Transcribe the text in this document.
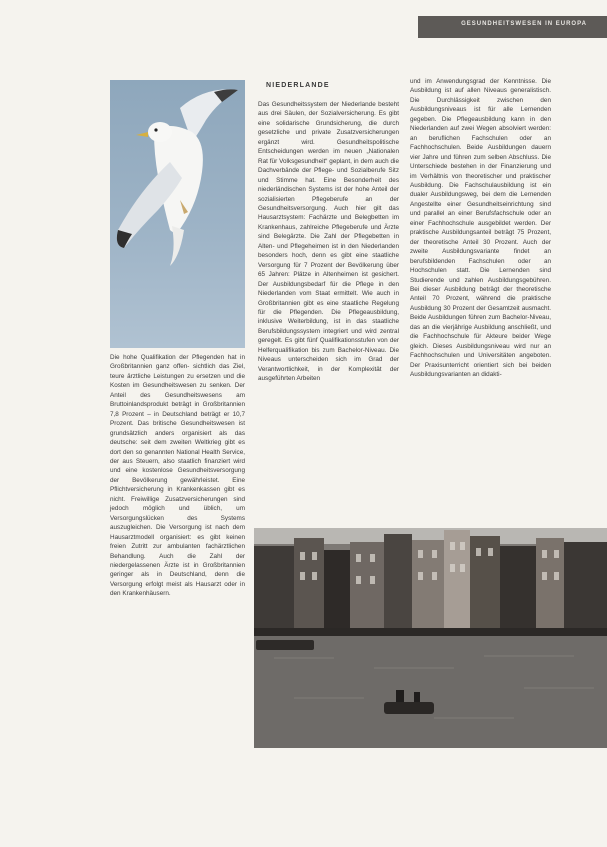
GESUNDHEITSWESEN IN EUROPA
NIEDERLANDE

Die hohe Qualifikation der Pflegenden hat in Großbritannien ganz offen- sichtlich das Ziel, teure ärztliche Leistungen zu ersetzen und die Kosten im Gesundheitswesen zu senken. Der Anteil des Gesundheitswesens am Bruttoinlandsprodukt beträgt in Großbritannien 7,8 Prozent – in Deutschland beträgt er 10,7 Prozent. Das britische Gesundheitswesen ist grundsätzlich anders organisiert als das deutsche: seit dem zweiten Weltkrieg gibt es dort den so genannten National Health Service, der aus Steuern, also staatlich finanziert wird und eine kostenlose Gesundheitsversorgung der Bevölkerung gewährleistet. Eine Pflichtversicherung in Krankenkassen gibt es nicht. Freiwillige Zusatzversicherungen sind jedoch möglich und üblich, um Versorgungslücken des Systems auszugleichen. Die Versorgung ist nach dem Hausarztmodell organisiert: es gibt keinen freien Zutritt zur ambulanten fachärztlichen Behandlung. Auch die Zahl der niedergelassenen Ärzte ist in Großbritannien geringer als in Deutschland, denn die Versorgung erfolgt meist als Hausarzt oder in den Krankenhäusern.

Das Gesundheitssystem der Niederlande besteht aus drei Säulen, der Sozialversicherung. Es gibt eine solidarische Grundsicherung, die durch gesetzliche und private Zusatzversicherungen ergänzt wird. Gesundheitspolitische Entscheidungen werden im neuen „Nationalen Rat für Volksgesundheit“ geplant, in dem auch die Dachverbände der Pflege- und Sozialberufe Sitz und Stimme hat. Eine Besonderheit des niederländischen Systems ist der hohe Anteil der sozialisierten Pflegeberufe an der Gesundheitsversorgung. Auch hier gilt das Hausarztsystem: Fachärzte und Belegbetten im Krankenhaus, zahlreiche Pflegeberufe und Ärzte sind Belegärzte. Die Zahl der Pflegebetten in Alten- und Pflegeheimen ist in den Niederlanden besonders hoch, denn es gibt eine staatliche Versorgung für 7 Prozent der Bevölkerung über 65 Jahren: Plätze in Altenheimen ist gesichert. Der Ausbildungsbedarf für die Pflege in den Niederlanden vom Staat ermittelt. Wie auch in Großbritannien gibt es eine staatliche Regelung für die Pflegenden. Die Pflegeausbildung, inklusive Weiterbildung, ist in das staatliche Berufsbildungssystem integriert und wird zentral geregelt. Es gibt fünf Qualifikationsstufen von der Helferqualifikation bis zum Bachelor-Niveau. Die Niveaus unterscheiden sich im Grad der Verantwortlichkeit, in der Komplexität der ausgeführten Arbeiten

und im Anwendungsgrad der Kenntnisse. Die Ausbildung ist auf allen Niveaus generalistisch. Die Durchlässigkeit zwischen den Ausbildungsniveaus ist für alle Lernenden gegeben. Die Pflegeausbildung kann in den Niederlanden auf zwei Wegen absolviert werden: an beruflichen Fachschulen oder an Fachhochschulen. Beide Ausbildungen dauern vier Jahre und führen zum selben Abschluss. Die Unterschiede bestehen in der Finanzierung und im Verhältnis von theoretischer und praktischer Ausbildung. Die Fachschulausbildung ist ein dualer Ausbildungsweg, bei dem die Lernenden Angestellte einer Gesundheitseinrichtung sind und parallel an einer Berufsfachschule oder an einer Fachhochschule ausgebildet werden. Der praktische Ausbildungsanteil beträgt 75 Prozent, der theoretische Anteil 30 Prozent. Auch der zweite Ausbildungsvariante findet an berufsbildenden Fachschulen oder an Hochschulen statt. Die Lernenden sind Studierende und zahlen Ausbildungsgebühren. Bei dieser Ausbildung beträgt der theoretische Anteil 70 Prozent, während die praktische Ausbildung 30 Prozent der Gesamtzeit ausmacht. Beide Ausbildungen führen zum Bachelor-Niveau, das an die vierjährige Ausbildung anschließt, und die Fachhochschule für Akteure beider Wege gleich. Dieses Ausbildungsniveau wird nur an Fachhochschulen und Universitäten angeboten. Der Praxisunterricht orientiert sich bei beiden Ausbildungsvarianten an didakti-
